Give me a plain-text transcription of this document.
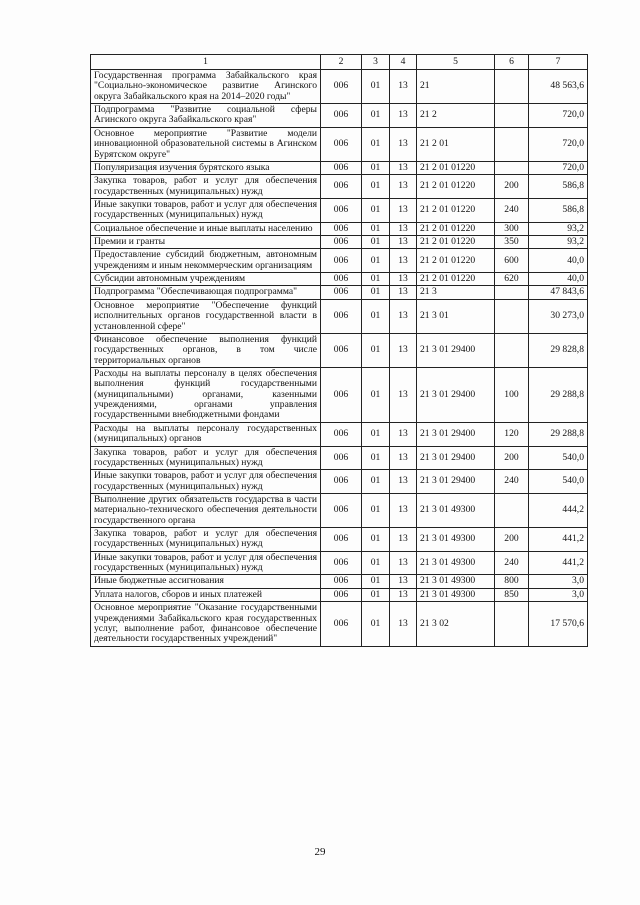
1	2	3	4	5	6	7
Государственная программа Забайкальского края "Социально-экономическое развитие Агинского округа Забайкальского края на 2014–2020 годы"	006	01	13	21		48 563,6
Подпрограмма "Развитие социальной сферы Агинского округа Забайкальского края"	006	01	13	21 2		720,0
Основное мероприятие "Развитие модели инновационной образовательной системы в Агинском Бурятском округе"	006	01	13	21 2 01		720,0
Популяризация изучения бурятского языка	006	01	13	21 2 01 01220		720,0
Закупка товаров, работ и услуг для обеспечения государственных (муниципальных) нужд	006	01	13	21 2 01 01220	200	586,8
Иные закупки товаров, работ и услуг для обеспечения государственных (муниципальных) нужд	006	01	13	21 2 01 01220	240	586,8
Социальное обеспечение и иные выплаты населению	006	01	13	21 2 01 01220	300	93,2
Премии и гранты	006	01	13	21 2 01 01220	350	93,2
Предоставление субсидий бюджетным, автономным учреждениям и иным некоммерческим организациям	006	01	13	21 2 01 01220	600	40,0
Субсидии автономным учреждениям	006	01	13	21 2 01 01220	620	40,0
Подпрограмма "Обеспечивающая подпрограмма"	006	01	13	21 3		47 843,6
Основное мероприятие "Обеспечение функций исполнительных органов государственной власти в установленной сфере"	006	01	13	21 3 01		30 273,0
Финансовое обеспечение выполнения функций государственных органов, в том числе территориальных органов	006	01	13	21 3 01 29400		29 828,8
Расходы на выплаты персоналу в целях обеспечения выполнения функций государственными (муниципальными) органами, казенными учреждениями, органами управления государственными внебюджетными фондами	006	01	13	21 3 01 29400	100	29 288,8
Расходы на выплаты персоналу государственных (муниципальных) органов	006	01	13	21 3 01 29400	120	29 288,8
Закупка товаров, работ и услуг для обеспечения государственных (муниципальных) нужд	006	01	13	21 3 01 29400	200	540,0
Иные закупки товаров, работ и услуг для обеспечения государственных (муниципальных) нужд	006	01	13	21 3 01 29400	240	540,0
Выполнение других обязательств государства в части материально-технического обеспечения деятельности государственного органа	006	01	13	21 3 01 49300		444,2
Закупка товаров, работ и услуг для обеспечения государственных (муниципальных) нужд	006	01	13	21 3 01 49300	200	441,2
Иные закупки товаров, работ и услуг для обеспечения государственных (муниципальных) нужд	006	01	13	21 3 01 49300	240	441,2
Иные бюджетные ассигнования	006	01	13	21 3 01 49300	800	3,0
Уплата налогов, сборов и иных платежей	006	01	13	21 3 01 49300	850	3,0
Основное мероприятие "Оказание государственными учреждениями Забайкальского края государственных услуг, выполнение работ, финансовое обеспечение деятельности государственных учреждений"	006	01	13	21 3 02		17 570,6
29
